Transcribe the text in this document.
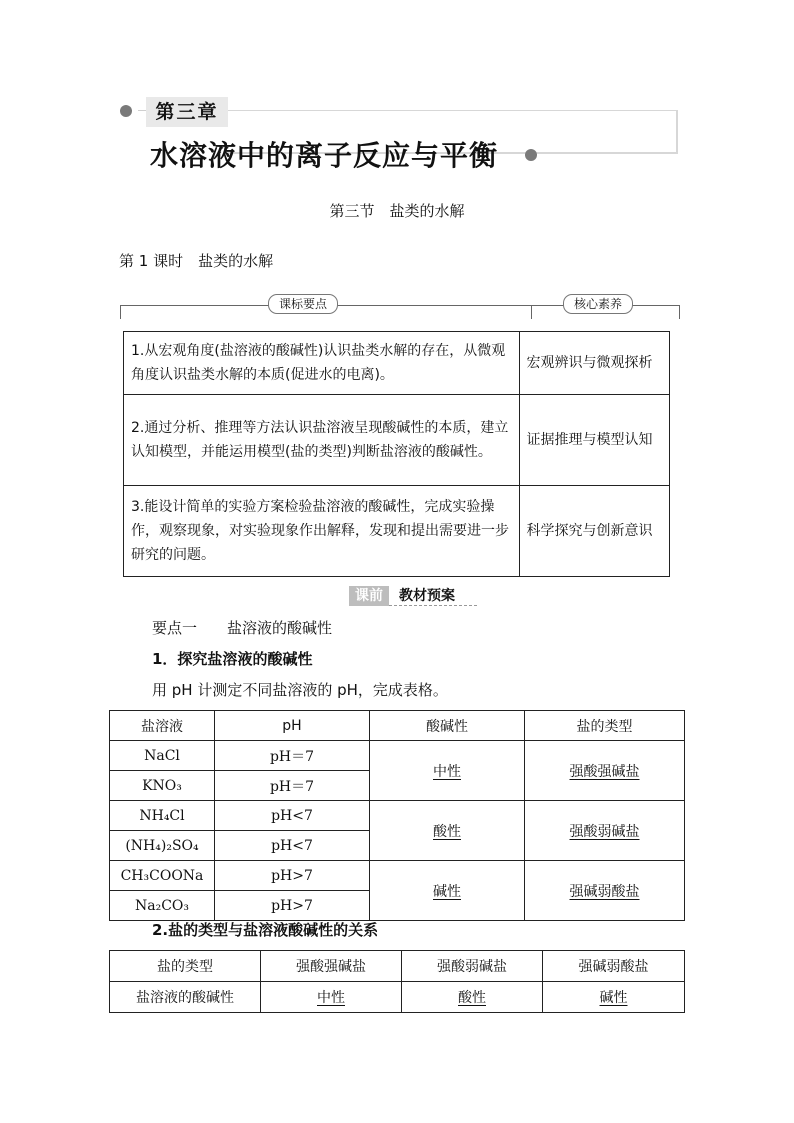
第三章
水溶液中的离子反应与平衡
第三节　盐类的水解
第 1 课时　盐类的水解
课标要点	核心素养
1.从宏观角度(盐溶液的酸碱性)认识盐类水解的存在，从微观角度认识盐类水解的本质(促进水的电离)。	宏观辨识与微观探析
2.通过分析、推理等方法认识盐溶液呈现酸碱性的本质，建立认知模型，并能运用模型(盐的类型)判断盐溶液的酸碱性。	证据推理与模型认知
3.能设计简单的实验方案检验盐溶液的酸碱性，完成实验操作，观察现象，对实验现象作出解释，发现和提出需要进一步研究的问题。	科学探究与创新意识
课前	教材预案
要点一　　盐溶液的酸碱性
1．探究盐溶液的酸碱性
用 pH 计测定不同盐溶液的 pH，完成表格。
盐溶液	pH	酸碱性	盐的类型
NaCl	pH＝7	中性	强酸强碱盐
KNO₃	pH＝7		
NH₄Cl	pH<7	酸性	强酸弱碱盐
(NH₄)₂SO₄	pH<7		
CH₃COONa	pH>7	碱性	强碱弱酸盐
Na₂CO₃	pH>7		
2.盐的类型与盐溶液酸碱性的关系
盐的类型	强酸强碱盐	强酸弱碱盐	强碱弱酸盐
盐溶液的酸碱性	中性	酸性	碱性
